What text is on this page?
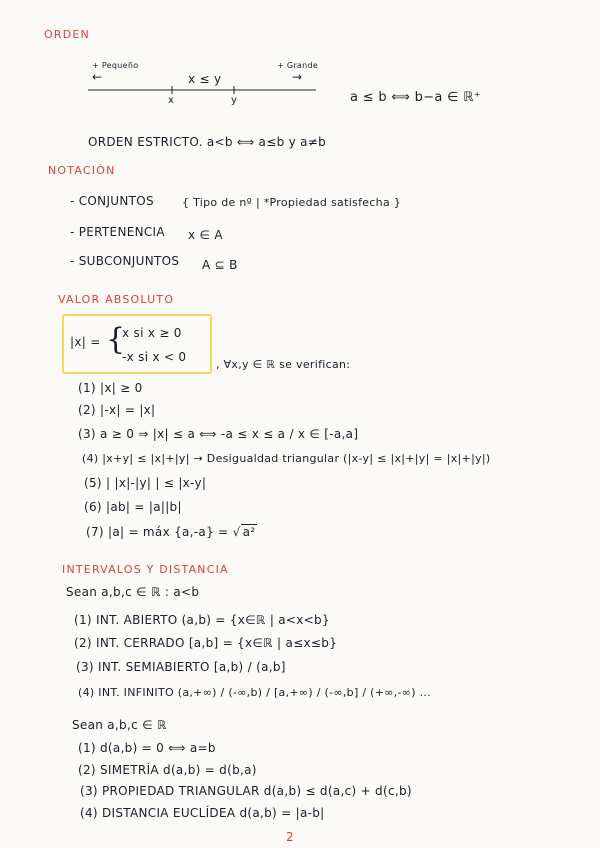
ORDEN
+ Pequeño	+ Grande
←	→
x ≤ y
x	y	a ≤ b ⟺ b−a ∈ ℝ⁺
ORDEN ESTRICTO. a<b ⟺ a≤b y a≠b
NOTACIÓN
- CONJUNTOS	{ Tipo de nº | *Propiedad satisfecha }
- PERTENENCIA x ∈ A
- SUBCONJUNTOS A ⊆ B
VALOR ABSOLUTO
|x| = {
x si x ≥ 0
-x si x < 0
, ∀x,y ∈ ℝ se verifican:
(1) |x| ≥ 0
(2) |-x| = |x|
(3) a ≥ 0 ⇒ |x| ≤ a ⟺ -a ≤ x ≤ a / x ∈ [-a,a]
(4) |x+y| ≤ |x|+|y| → Desigualdad triangular (|x-y| ≤ |x|+|y| = |x|+|y|)
(5) | |x|-|y| | ≤ |x-y|
(6) |ab| = |a||b|
(7) |a| = máx {a,-a} = √ a²
INTERVALOS Y DISTANCIA
Sean a,b,c ∈ ℝ : a<b
(1) INT. ABIERTO (a,b) = {x∈ℝ | a<x<b}
(2) INT. CERRADO [a,b] = {x∈ℝ | a≤x≤b}
(3) INT. SEMIABIERTO [a,b) / (a,b]
(4) INT. INFINITO (a,+∞) / (-∞,b) / [a,+∞) / (-∞,b] / (+∞,-∞) ...
Sean a,b,c ∈ ℝ
(1) d(a,b) = 0 ⟺ a=b
(2) SIMETRÍA d(a,b) = d(b,a)
(3) PROPIEDAD TRIANGULAR d(a,b) ≤ d(a,c) + d(c,b)
(4) DISTANCIA EUCLÍDEA d(a,b) = |a-b|
2
